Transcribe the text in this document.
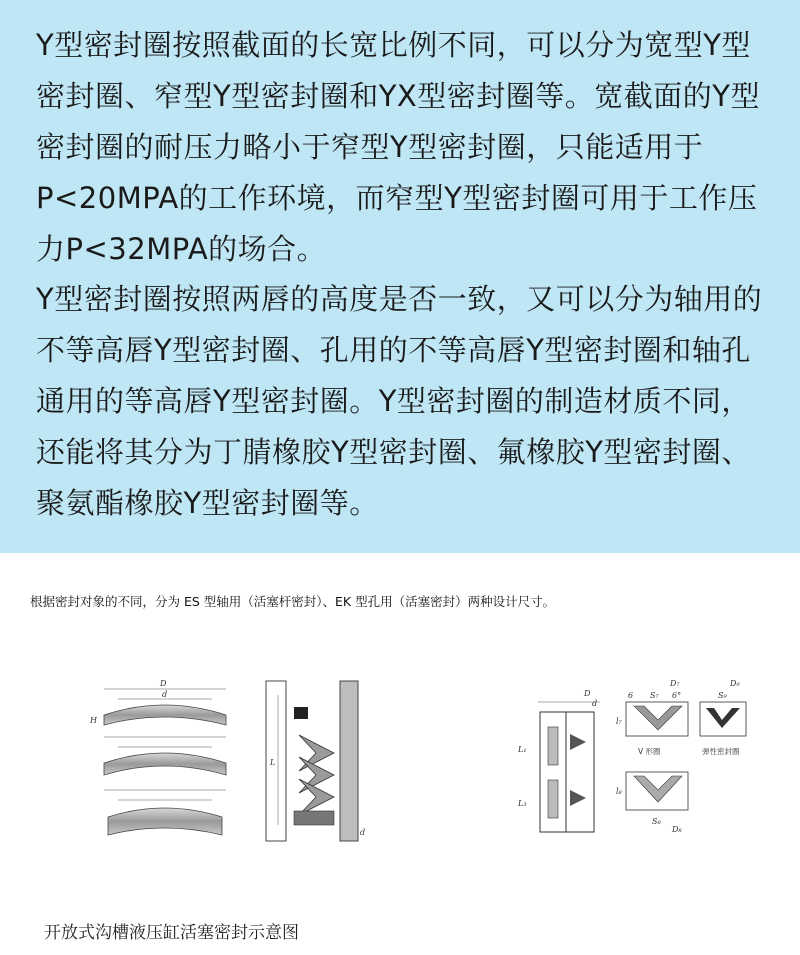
Y型密封圈按照截面的长宽比例不同，可以分为宽型Y型密封圈、窄型Y型密封圈和YX型密封圈等。宽截面的Y型密封圈的耐压力略小于窄型Y型密封圈，只能适用于P<20MPA的工作环境，而窄型Y型密封圈可用于工作压力P<32MPA的场合。

Y型密封圈按照两唇的高度是否一致，又可以分为轴用的不等高唇Y型密封圈、孔用的不等高唇Y型密封圈和轴孔通用的等高唇Y型密封圈。Y型密封圈的制造材质不同，还能将其分为丁腈橡胶Y型密封圈、氟橡胶Y型密封圈、聚氨酯橡胶Y型密封圈等。

根据密封对象的不同，分为 ES 型轴用（活塞杆密封）、EK 型孔用（活塞密封）两种设计尺寸。

D
d
H
L
d
D
d
L₁
L₃
D₇
S₇
6	6°
l₇
V 形圈
D₉
S₉
弹性密封圈
l₈
S₈
D₈

开放式沟槽液压缸活塞密封示意图
